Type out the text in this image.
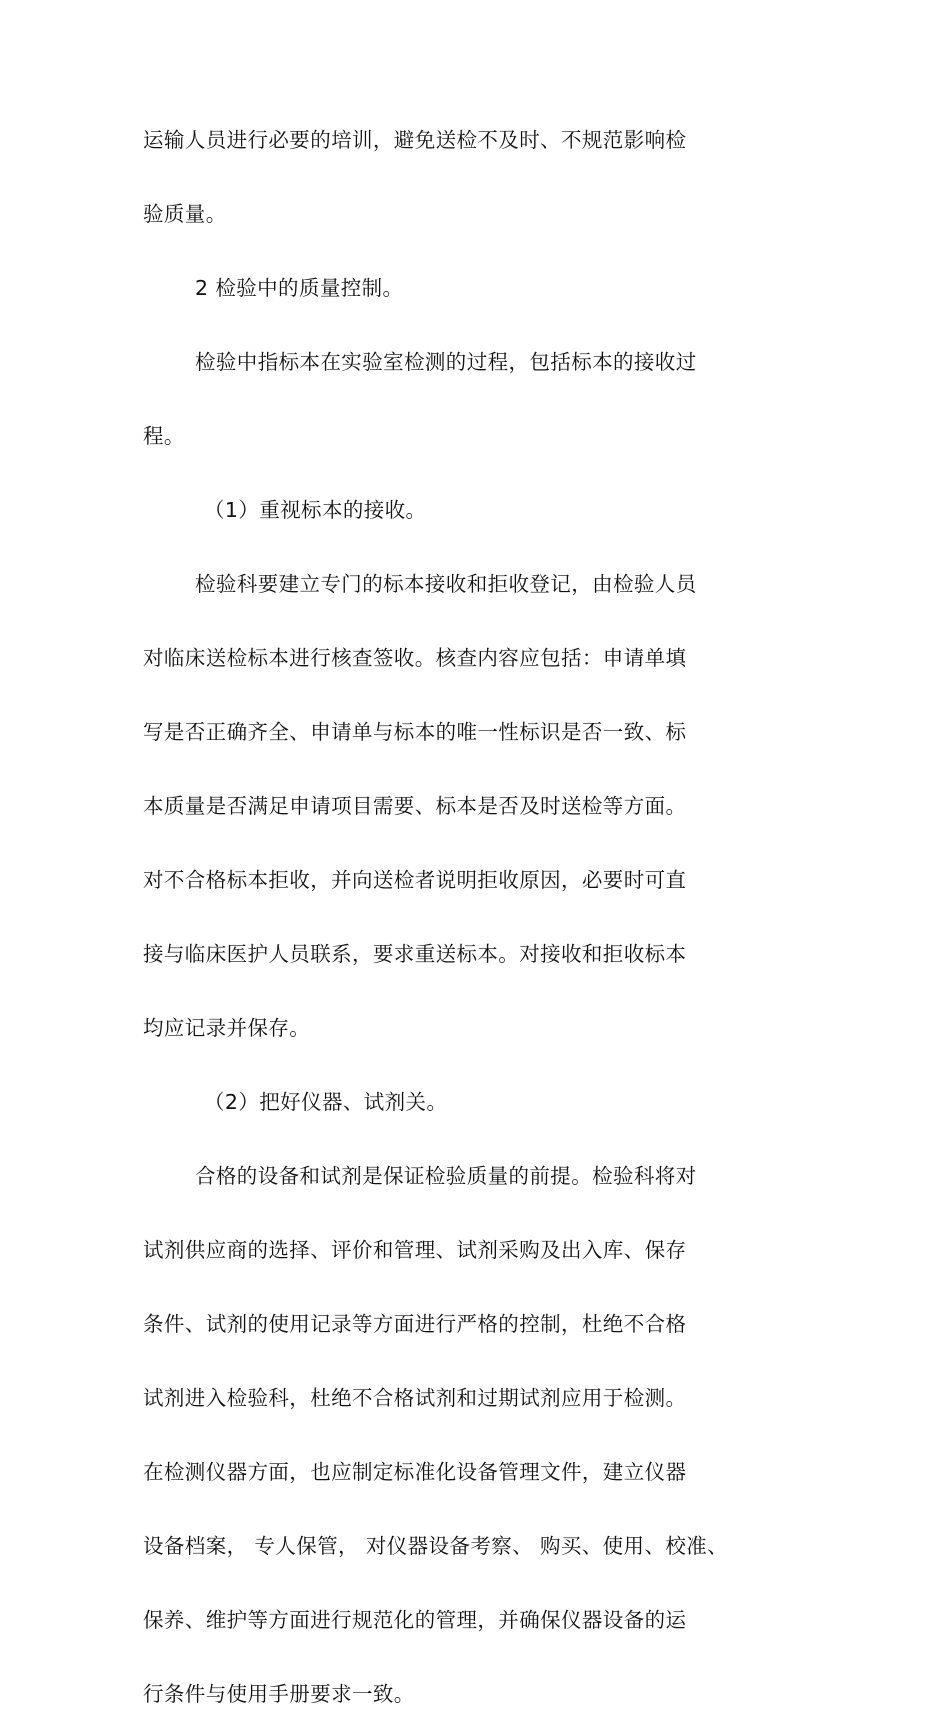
运输人员进行必要的培训，避免送检不及时、不规范影响检
验质量。
2 检验中的质量控制。
检验中指标本在实验室检测的过程，包括标本的接收过
程。
（1）重视标本的接收。
检验科要建立专门的标本接收和拒收登记，由检验人员
对临床送检标本进行核查签收。核查内容应包括：申请单填
写是否正确齐全、申请单与标本的唯一性标识是否一致、标
本质量是否满足申请项目需要、标本是否及时送检等方面。
对不合格标本拒收，并向送检者说明拒收原因，必要时可直
接与临床医护人员联系，要求重送标本。对接收和拒收标本
均应记录并保存。
（2）把好仪器、试剂关。
合格的设备和试剂是保证检验质量的前提。检验科将对
试剂供应商的选择、评价和管理、试剂采购及出入库、保存
条件、试剂的使用记录等方面进行严格的控制，杜绝不合格
试剂进入检验科，杜绝不合格试剂和过期试剂应用于检测。
在检测仪器方面，也应制定标准化设备管理文件，建立仪器
设备档案， 专人保管， 对仪器设备考察、 购买、使用、校准、
保养、维护等方面进行规范化的管理，并确保仪器设备的运
行条件与使用手册要求一致。
